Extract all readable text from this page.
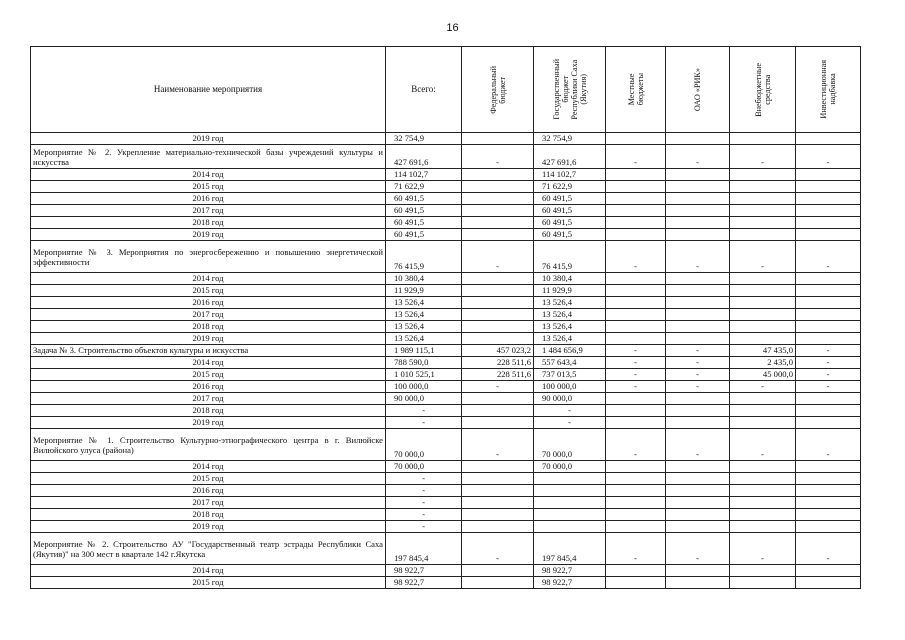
16
Наименование мероприятия	Всего:	Федеральный
бюджет	Государственный
бюджет
Республики Саха
(Якутия)	Местные
бюджеты	ОАО «РИК»	Внебюджетные
средства	Инвестиционная
надбавка

2019 год	32 754,9		32 754,9				
Мероприятие № 2. Укрепление материально-технической базы учреждений культуры и искусства	427 691,6	-	427 691,6	-	-	-	-
2014 год	114 102,7		114 102,7				
2015 год	71 622,9		71 622,9				
2016 год	60 491,5		60 491,5				
2017 год	60 491,5		60 491,5				
2018 год	60 491,5		60 491,5				
2019 год	60 491,5		60 491,5				
Мероприятие № 3. Мероприятия по энергосбережению и повышению энергетической эффективности	76 415,9	-	76 415,9	-	-	-	-
2014 год	10 380,4		10 380,4				
2015 год	11 929,9		11 929,9				
2016 год	13 526,4		13 526,4				
2017 год	13 526,4		13 526,4				
2018 год	13 526,4		13 526,4				
2019 год	13 526,4		13 526,4				
Задача № 3. Строительство объектов культуры и искусства	1 989 115,1	457 023,2	1 484 656,9	-	-	47 435,0	-
2014 год	788 590,0	228 511,6	557 643,4	-	-	2 435,0	-
2015 год	1 010 525,1	228 511,6	737 013,5	-	-	45 000,0	-
2016 год	100 000,0	-	100 000,0	-	-	-	-
2017 год	90 000,0		90 000,0				
2018 год	-		-				
2019 год	-		-				
Мероприятие № 1. Строительство Культурно-этнографического центра в г. Вилюйске Вилюйского улуса (района)	70 000,0	-	70 000,0	-	-	-	-
2014 год	70 000,0		70 000,0				
2015 год	-						
2016 год	-						
2017 год	-						
2018 год	-						
2019 год	-						
Мероприятие № 2. Строительство АУ "Государственный театр эстрады Республики Саха (Якутия)" на 300 мест в квартале 142 г.Якутска	197 845,4	-	197 845,4	-	-	-	-
2014 год	98 922,7		98 922,7				
2015 год	98 922,7		98 922,7				
